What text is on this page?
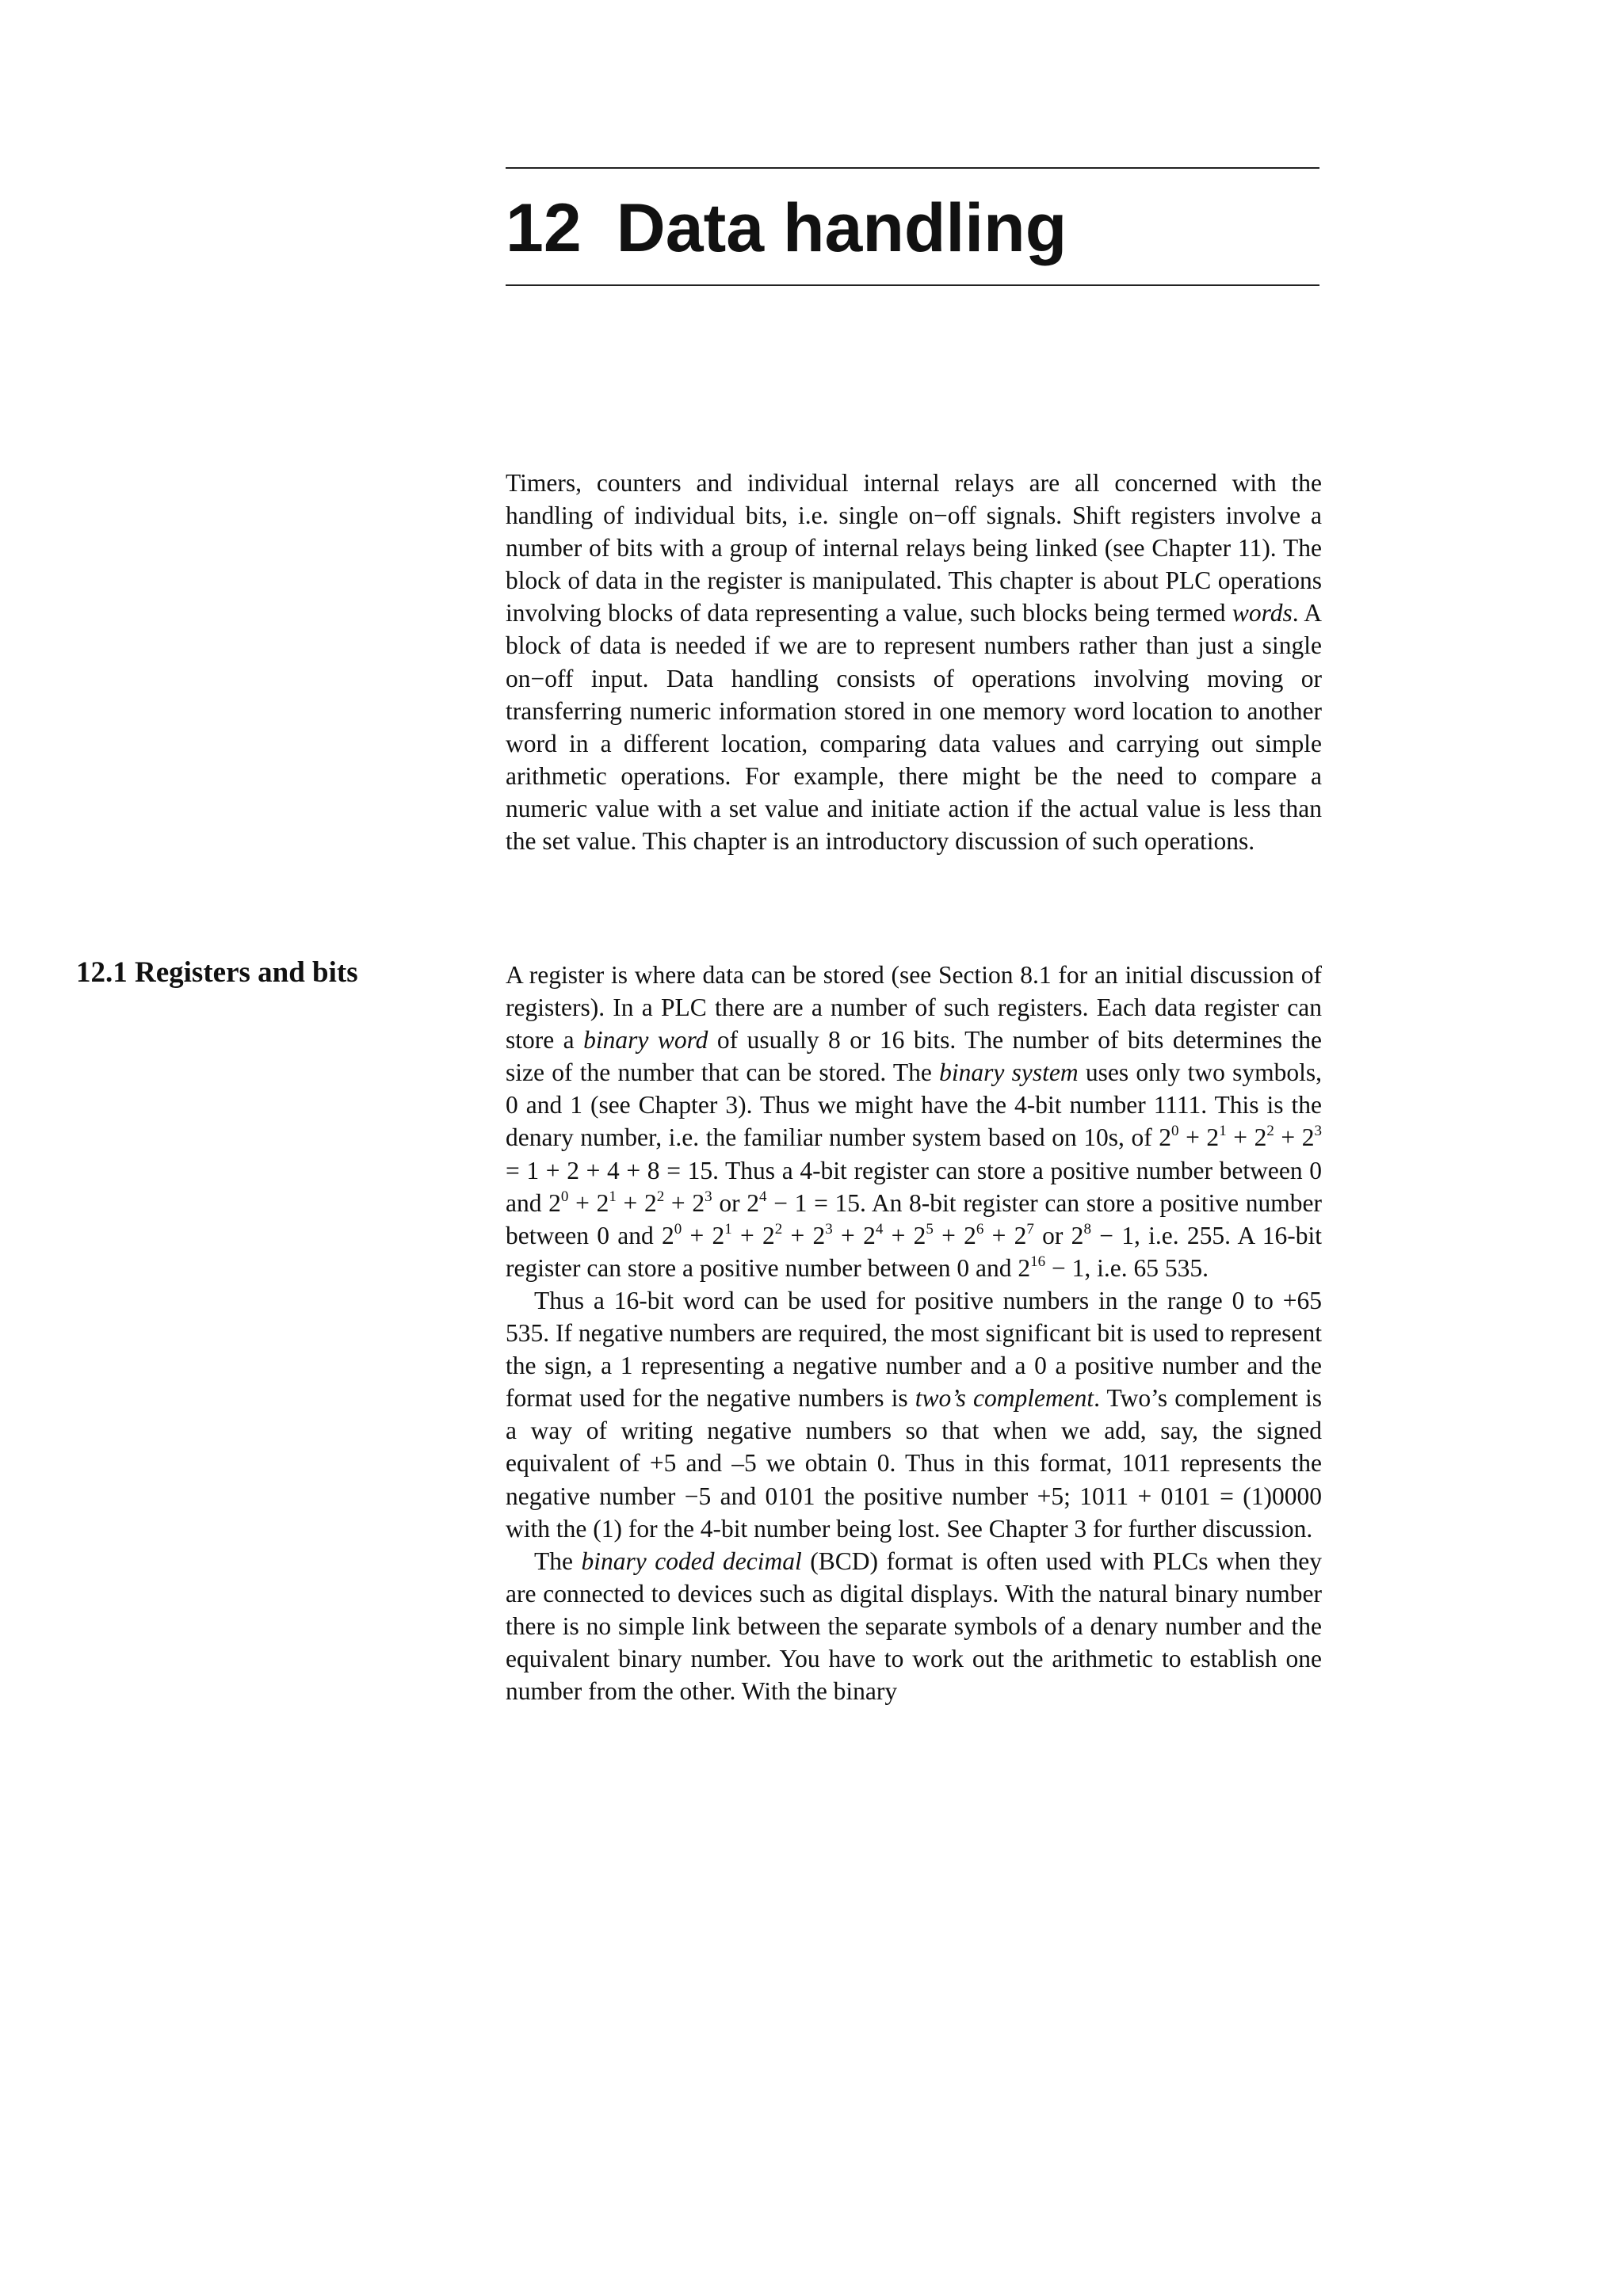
12 Data handling

Timers, counters and individual internal relays are all concerned with the handling of individual bits, i.e. single on−off signals. Shift registers involve a number of bits with a group of internal relays being linked (see Chapter 11). The block of data in the register is manipulated. This chapter is about PLC operations involving blocks of data representing a value, such blocks being termed words. A block of data is needed if we are to represent numbers rather than just a single on−off input. Data handling consists of operations involving moving or transferring numeric information stored in one memory word location to another word in a different location, comparing data values and carrying out simple arithmetic operations. For example, there might be the need to compare a numeric value with a set value and initiate action if the actual value is less than the set value. This chapter is an introductory discussion of such operations.

12.1 Registers and bits	A register is where data can be stored (see Section 8.1 for an initial discussion of registers). In a PLC there are a number of such registers. Each data register can store a binary word of usually 8 or 16 bits. The number of bits determines the size of the number that can be stored. The binary system uses only two symbols, 0 and 1 (see Chapter 3). Thus we might have the 4-bit number 1111. This is the denary number, i.e. the familiar number system based on 10s, of $2^0 + 2^1 + 2^2 + 2^3 = 1 + 2 + 4 + 8 = 15$. Thus a 4-bit register can store a positive number between 0 and $2^0 + 2^1 + 2^2 + 2^3$ or $2^4 - 1 = 15$. An 8-bit register can store a positive number between 0 and $2^0 + 2^1 + 2^2 + 2^3 + 2^4 + 2^5 + 2^6 + 2^7$ or $2^8 - 1$, i.e. 255. A 16-bit register can store a positive number between 0 and $2^{16} - 1$, i.e. 65 535.

Thus a 16-bit word can be used for positive numbers in the range 0 to +65 535. If negative numbers are required, the most significant bit is used to represent the sign, a 1 representing a negative number and a 0 a positive number and the format used for the negative numbers is two’s complement. Two’s complement is a way of writing negative numbers so that when we add, say, the signed equivalent of +5 and –5 we obtain 0. Thus in this format, 1011 represents the negative number −5 and 0101 the positive number +5; 1011 + 0101 = (1)0000 with the (1) for the 4-bit number being lost. See Chapter 3 for further discussion.

The binary coded decimal (BCD) format is often used with PLCs when they are connected to devices such as digital displays. With the natural binary number there is no simple link between the separate symbols of a denary number and the equivalent binary number. You have to work out the arithmetic to establish one number from the other. With the binary
